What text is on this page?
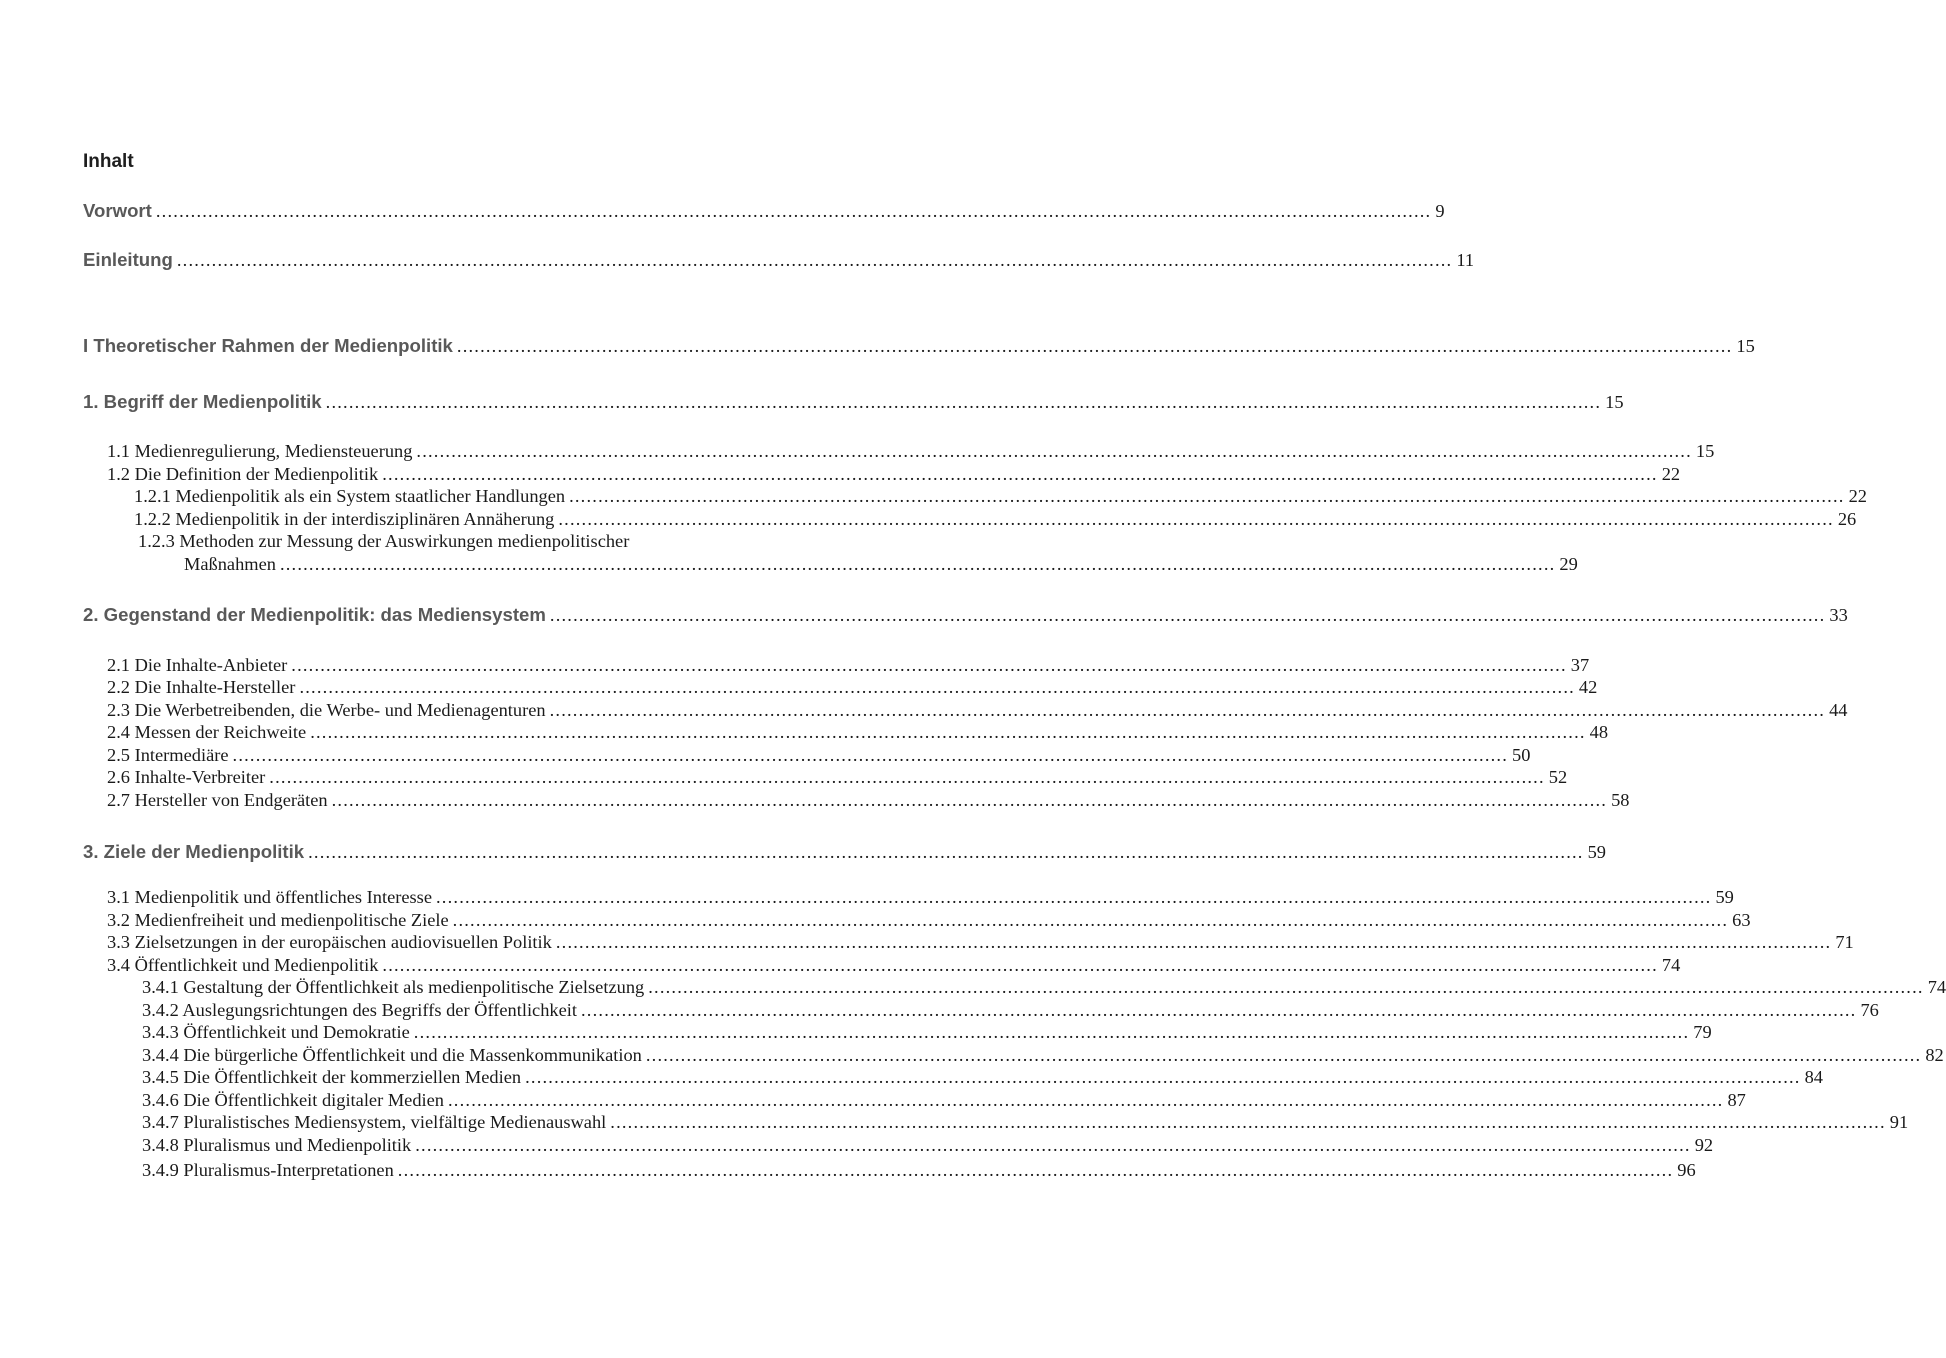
Inhalt
Vorwort ............................................................................................................................................................................................................................ 9
Einleitung ............................................................................................................................................................................................................................ 11
I Theoretischer Rahmen der Medienpolitik ............................................................................................................................................................................................................................ 15
1. Begriff der Medienpolitik ............................................................................................................................................................................................................................ 15
1.1 Medienregulierung, Mediensteuerung ............................................................................................................................................................................................................................ 15
1.2 Die Definition der Medienpolitik ............................................................................................................................................................................................................................ 22
1.2.1 Medienpolitik als ein System staatlicher Handlungen ............................................................................................................................................................................................................................ 22
1.2.2 Medienpolitik in der interdisziplinären Annäherung ............................................................................................................................................................................................................................ 26
1.2.3 Methoden zur Messung der Auswirkungen medienpolitischer
Maßnahmen ............................................................................................................................................................................................................................ 29
2. Gegenstand der Medienpolitik: das Mediensystem ............................................................................................................................................................................................................................ 33
2.1 Die Inhalte-Anbieter ............................................................................................................................................................................................................................ 37
2.2 Die Inhalte-Hersteller ............................................................................................................................................................................................................................ 42
2.3 Die Werbetreibenden, die Werbe- und Medienagenturen ............................................................................................................................................................................................................................ 44
2.4 Messen der Reichweite ............................................................................................................................................................................................................................ 48
2.5 Intermediäre ............................................................................................................................................................................................................................ 50
2.6 Inhalte-Verbreiter ............................................................................................................................................................................................................................ 52
2.7 Hersteller von Endgeräten ............................................................................................................................................................................................................................ 58
3. Ziele der Medienpolitik ............................................................................................................................................................................................................................ 59
3.1 Medienpolitik und öffentliches Interesse ............................................................................................................................................................................................................................ 59
3.2 Medienfreiheit und medienpolitische Ziele ............................................................................................................................................................................................................................ 63
3.3 Zielsetzungen in der europäischen audiovisuellen Politik ............................................................................................................................................................................................................................ 71
3.4 Öffentlichkeit und Medienpolitik ............................................................................................................................................................................................................................ 74
3.4.1 Gestaltung der Öffentlichkeit als medienpolitische Zielsetzung ............................................................................................................................................................................................................................ 74
3.4.2 Auslegungsrichtungen des Begriffs der Öffentlichkeit ............................................................................................................................................................................................................................ 76
3.4.3 Öffentlichkeit und Demokratie ............................................................................................................................................................................................................................ 79
3.4.4 Die bürgerliche Öffentlichkeit und die Massenkommunikation ............................................................................................................................................................................................................................ 82
3.4.5 Die Öffentlichkeit der kommerziellen Medien ............................................................................................................................................................................................................................ 84
3.4.6 Die Öffentlichkeit digitaler Medien ............................................................................................................................................................................................................................ 87
3.4.7 Pluralistisches Mediensystem, vielfältige Medienauswahl ............................................................................................................................................................................................................................ 91
3.4.8 Pluralismus und Medienpolitik ............................................................................................................................................................................................................................ 92
3.4.9 Pluralismus-Interpretationen ............................................................................................................................................................................................................................ 96
